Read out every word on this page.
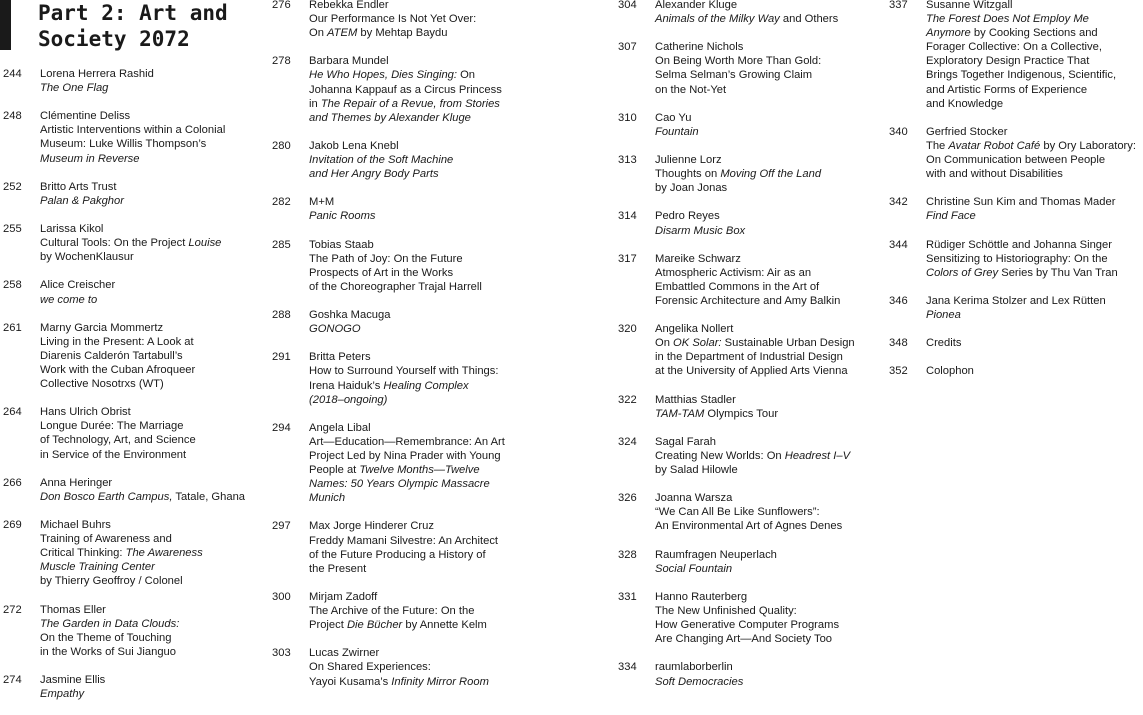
Part 2: Art and
Society 2072
244 Lorena Herrera Rashid
The One Flag
248 Clémentine Deliss
Artistic Interventions within a Colonial
Museum: Luke Willis Thompson’s
Museum in Reverse
252 Britto Arts Trust
Palan & Pakghor
255 Larissa Kikol
Cultural Tools: On the Project Louise
by WochenKlausur
258 Alice Creischer
we come to
261 Marny Garcia Mommertz
Living in the Present: A Look at
Diarenis Calderón Tartabull’s
Work with the Cuban Afroqueer
Collective Nosotrxs (WT)
264 Hans Ulrich Obrist
Longue Durée: The Marriage
of Technology, Art, and Science
in Service of the Environment
266 Anna Heringer
Don Bosco Earth Campus, Tatale, Ghana
269 Michael Buhrs
Training of Awareness and
Critical Thinking: The Awareness
Muscle Training Center
by Thierry Geoffroy / Colonel
272 Thomas Eller
The Garden in Data Clouds:
On the Theme of Touching
in the Works of Sui Jianguo
274 Jasmine Ellis
Empathy
276 Rebekka Endler
Our Performance Is Not Yet Over:
On ATEM by Mehtap Baydu
278 Barbara Mundel
He Who Hopes, Dies Singing: On
Johanna Kappauf as a Circus Princess
in The Repair of a Revue, from Stories
and Themes by Alexander Kluge
280 Jakob Lena Knebl
Invitation of the Soft Machine
and Her Angry Body Parts
282 M+M
Panic Rooms
285 Tobias Staab
The Path of Joy: On the Future
Prospects of Art in the Works
of the Choreographer Trajal Harrell
288 Goshka Macuga
GONOGO
291 Britta Peters
How to Surround Yourself with Things:
Irena Haiduk’s Healing Complex
(2018–ongoing)
294 Angela Libal
Art—Education—Remembrance: An Art
Project Led by Nina Prader with Young
People at Twelve Months—Twelve
Names: 50 Years Olympic Massacre
Munich
297 Max Jorge Hinderer Cruz
Freddy Mamani Silvestre: An Architect
of the Future Producing a History of
the Present
300 Mirjam Zadoff
The Archive of the Future: On the
Project Die Bücher by Annette Kelm
303 Lucas Zwirner
On Shared Experiences:
Yayoi Kusama’s Infinity Mirror Room
304 Alexander Kluge
Animals of the Milky Way and Others
307 Catherine Nichols
On Being Worth More Than Gold:
Selma Selman’s Growing Claim
on the Not-Yet
310 Cao Yu
Fountain
313 Julienne Lorz
Thoughts on Moving Off the Land
by Joan Jonas
314 Pedro Reyes
Disarm Music Box
317 Mareike Schwarz
Atmospheric Activism: Air as an
Embattled Commons in the Art of
Forensic Architecture and Amy Balkin
320 Angelika Nollert
On OK Solar: Sustainable Urban Design
in the Department of Industrial Design
at the University of Applied Arts Vienna
322 Matthias Stadler
TAM-TAM Olympics Tour
324 Sagal Farah
Creating New Worlds: On Headrest I–V
by Salad Hilowle
326 Joanna Warsza
“We Can All Be Like Sunflowers”:
An Environmental Art of Agnes Denes
328 Raumfragen Neuperlach
Social Fountain
331 Hanno Rauterberg
The New Unfinished Quality:
How Generative Computer Programs
Are Changing Art—And Society Too
334 raumlaborberlin
Soft Democracies
337 Susanne Witzgall
The Forest Does Not Employ Me
Anymore by Cooking Sections and
Forager Collective: On a Collective,
Exploratory Design Practice That
Brings Together Indigenous, Scientific,
and Artistic Forms of Experience
and Knowledge
340 Gerfried Stocker
The Avatar Robot Café by Ory Laboratory:
On Communication between People
with and without Disabilities
342 Christine Sun Kim and Thomas Mader
Find Face
344 Rüdiger Schöttle and Johanna Singer
Sensitizing to Historiography: On the
Colors of Grey Series by Thu Van Tran
346 Jana Kerima Stolzer and Lex Rütten
Pionea
348 Credits
352 Colophon
